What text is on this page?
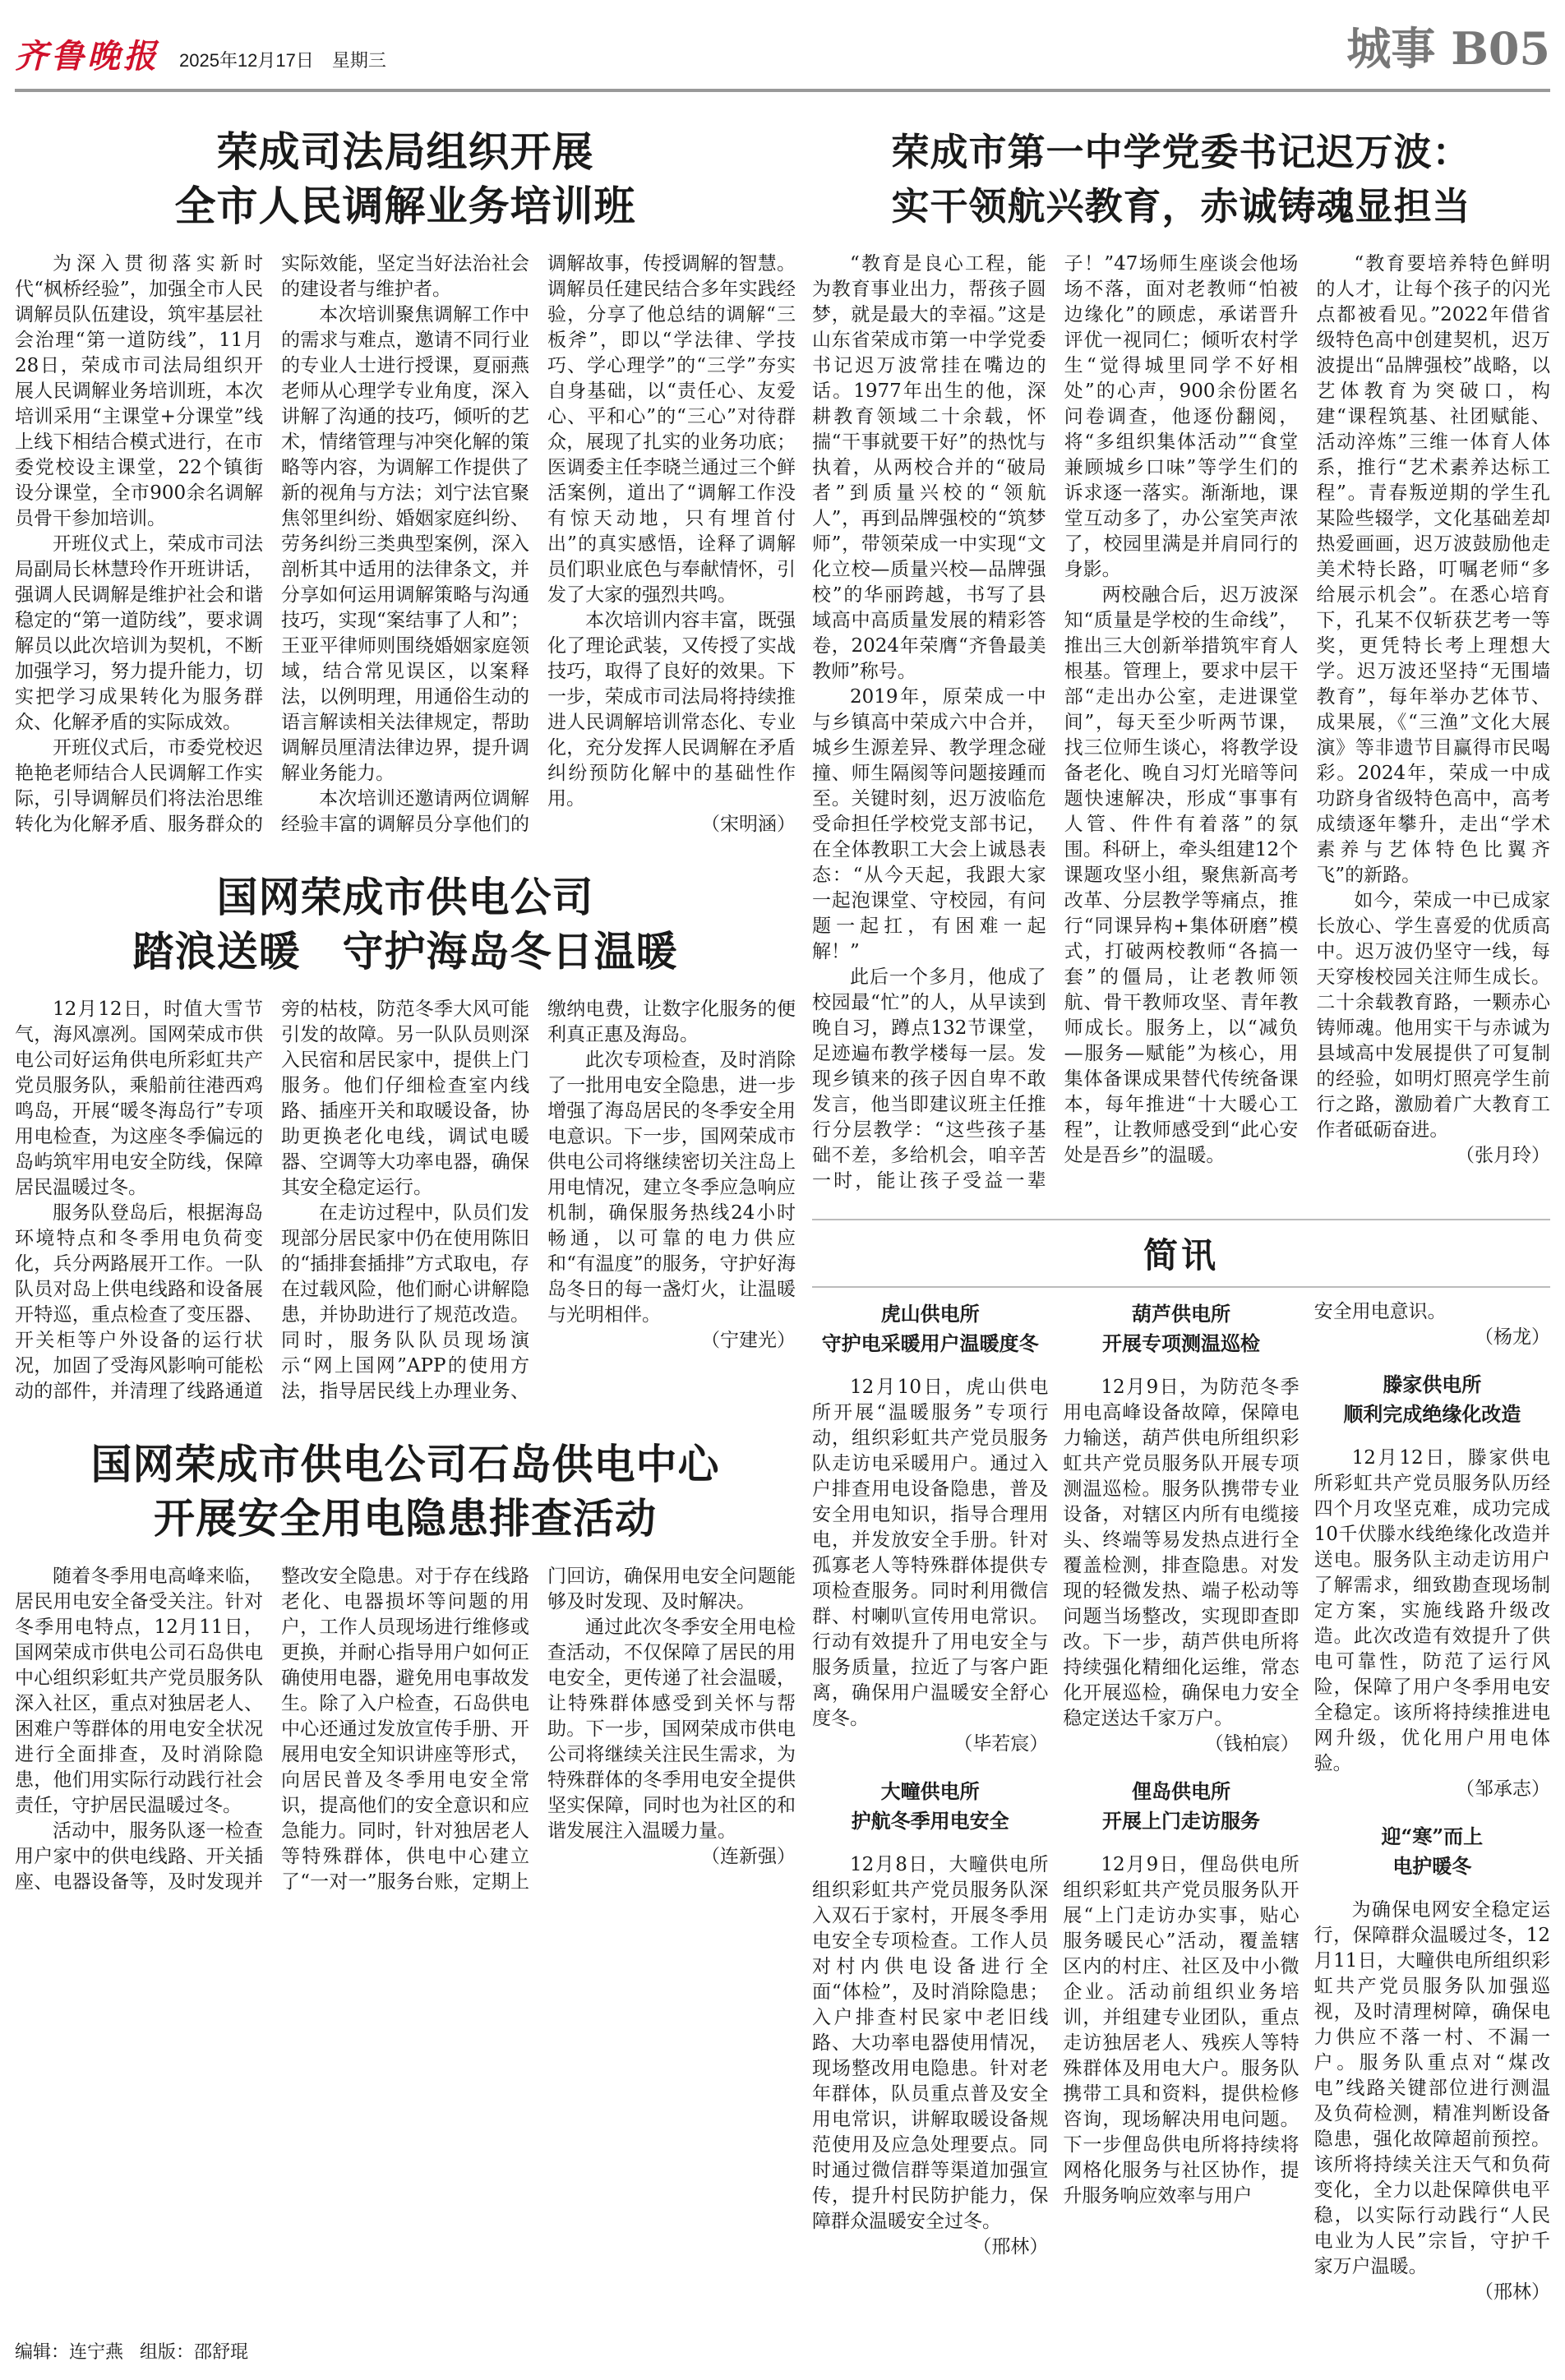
齐鲁晚报 2025年12月17日 星期三	城事 B05
荣成司法局组织开展
全市人民调解业务培训班

为深入贯彻落实新时代“枫桥经验”，加强全市人民调解员队伍建设，筑牢基层社会治理“第一道防线”，11月28日，荣成市司法局组织开展人民调解业务培训班，本次培训采用“主课堂+分课堂”线上线下相结合模式进行，在市委党校设主课堂，22个镇街设分课堂，全市900余名调解员骨干参加培训。

开班仪式上，荣成市司法局副局长林慧玲作开班讲话，强调人民调解是维护社会和谐稳定的“第一道防线”，要求调解员以此次培训为契机，不断加强学习，努力提升能力，切实把学习成果转化为服务群众、化解矛盾的实际成效。

开班仪式后，市委党校迟艳艳老师结合人民调解工作实际，引导调解员们将法治思维转化为化解矛盾、服务群众的实际效能，坚定当好法治社会的建设者与维护者。

本次培训聚焦调解工作中的需求与难点，邀请不同行业的专业人士进行授课，夏丽燕老师从心理学专业角度，深入讲解了沟通的技巧，倾听的艺术，情绪管理与冲突化解的策略等内容，为调解工作提供了新的视角与方法；刘宁法官聚焦邻里纠纷、婚姻家庭纠纷、劳务纠纷三类典型案例，深入剖析其中适用的法律条文，并分享如何运用调解策略与沟通技巧，实现“案结事了人和”；王亚平律师则围绕婚姻家庭领域，结合常见误区，以案释法，以例明理，用通俗生动的语言解读相关法律规定，帮助调解员厘清法律边界，提升调解业务能力。

本次培训还邀请两位调解经验丰富的调解员分享他们的调解故事，传授调解的智慧。调解员任建民结合多年实践经验，分享了他总结的调解“三板斧”，即以“学法律、学技巧、学心理学”的“三学”夯实自身基础，以“责任心、友爱心、平和心”的“三心”对待群众，展现了扎实的业务功底；医调委主任李晓兰通过三个鲜活案例，道出了“调解工作没有惊天动地，只有埋首付出”的真实感悟，诠释了调解员们职业底色与奉献情怀，引发了大家的强烈共鸣。

本次培训内容丰富，既强化了理论武装，又传授了实战技巧，取得了良好的效果。下一步，荣成市司法局将持续推进人民调解培训常态化、专业化，充分发挥人民调解在矛盾纠纷预防化解中的基础性作用。

（宋明涵）
国网荣成市供电公司
踏浪送暖　守护海岛冬日温暖

12月12日，时值大雪节气，海风凛冽。国网荣成市供电公司好运角供电所彩虹共产党员服务队，乘船前往港西鸡鸣岛，开展“暖冬海岛行”专项用电检查，为这座冬季偏远的岛屿筑牢用电安全防线，保障居民温暖过冬。

服务队登岛后，根据海岛环境特点和冬季用电负荷变化，兵分两路展开工作。一队队员对岛上供电线路和设备展开特巡，重点检查了变压器、开关柜等户外设备的运行状况，加固了受海风影响可能松动的部件，并清理了线路通道旁的枯枝，防范冬季大风可能引发的故障。另一队队员则深入民宿和居民家中，提供上门服务。他们仔细检查室内线路、插座开关和取暖设备，协助更换老化电线，调试电暖器、空调等大功率电器，确保其安全稳定运行。

在走访过程中，队员们发现部分居民家中仍在使用陈旧的“插排套插排”方式取电，存在过载风险，他们耐心讲解隐患，并协助进行了规范改造。同时，服务队队员现场演示“网上国网”APP的使用方法，指导居民线上办理业务、缴纳电费，让数字化服务的便利真正惠及海岛。

此次专项检查，及时消除了一批用电安全隐患，进一步增强了海岛居民的冬季安全用电意识。下一步，国网荣成市供电公司将继续密切关注岛上用电情况，建立冬季应急响应机制，确保服务热线24小时畅通，以可靠的电力供应和“有温度”的服务，守护好海岛冬日的每一盏灯火，让温暖与光明相伴。

（宁建光）
国网荣成市供电公司石岛供电中心
开展安全用电隐患排查活动

随着冬季用电高峰来临，居民用电安全备受关注。针对冬季用电特点，12月11日，国网荣成市供电公司石岛供电中心组织彩虹共产党员服务队深入社区，重点对独居老人、困难户等群体的用电安全状况进行全面排查，及时消除隐患，他们用实际行动践行社会责任，守护居民温暖过冬。

活动中，服务队逐一检查用户家中的供电线路、开关插座、电器设备等，及时发现并整改安全隐患。对于存在线路老化、电器损坏等问题的用户，工作人员现场进行维修或更换，并耐心指导用户如何正确使用电器，避免用电事故发生。除了入户检查，石岛供电中心还通过发放宣传手册、开展用电安全知识讲座等形式，向居民普及冬季用电安全常识，提高他们的安全意识和应急能力。同时，针对独居老人等特殊群体，供电中心建立了“一对一”服务台账，定期上门回访，确保用电安全问题能够及时发现、及时解决。

通过此次冬季安全用电检查活动，不仅保障了居民的用电安全，更传递了社会温暖，让特殊群体感受到关怀与帮助。下一步，国网荣成市供电公司将继续关注民生需求，为特殊群体的冬季用电安全提供坚实保障，同时也为社区的和谐发展注入温暖力量。

（连新强）
荣成市第一中学党委书记迟万波：
实干领航兴教育，赤诚铸魂显担当

“教育是良心工程，能为教育事业出力，帮孩子圆梦，就是最大的幸福。”这是山东省荣成市第一中学党委书记迟万波常挂在嘴边的话。1977年出生的他，深耕教育领域二十余载，怀揣“干事就要干好”的热忱与执着，从两校合并的“破局者”到质量兴校的“领航人”，再到品牌强校的“筑梦师”，带领荣成一中实现“文化立校—质量兴校—品牌强校”的华丽跨越，书写了县域高中高质量发展的精彩答卷，2024年荣膺“齐鲁最美教师”称号。

2019年，原荣成一中与乡镇高中荣成六中合并，城乡生源差异、教学理念碰撞、师生隔阂等问题接踵而至。关键时刻，迟万波临危受命担任学校党支部书记，在全体教职工大会上诚恳表态：“从今天起，我跟大家一起泡课堂、守校园，有问题一起扛，有困难一起解！”

此后一个多月，他成了校园最“忙”的人，从早读到晚自习，蹲点132节课堂，足迹遍布教学楼每一层。发现乡镇来的孩子因自卑不敢发言，他当即建议班主任推行分层教学：“这些孩子基础不差，多给机会，咱辛苦一时，能让孩子受益一辈子！”47场师生座谈会他场场不落，面对老教师“怕被边缘化”的顾虑，承诺晋升评优一视同仁；倾听农村学生“觉得城里同学不好相处”的心声，900余份匿名问卷调查，他逐份翻阅，将“多组织集体活动”“食堂兼顾城乡口味”等学生们的诉求逐一落实。渐渐地，课堂互动多了，办公室笑声浓了，校园里满是并肩同行的身影。

两校融合后，迟万波深知“质量是学校的生命线”，推出三大创新举措筑牢育人根基。管理上，要求中层干部“走出办公室，走进课堂间”，每天至少听两节课，找三位师生谈心，将教学设备老化、晚自习灯光暗等问题快速解决，形成“事事有人管、件件有着落”的氛围。科研上，牵头组建12个课题攻坚小组，聚焦新高考改革、分层教学等痛点，推行“同课异构+集体研磨”模式，打破两校教师“各搞一套”的僵局，让老教师领航、骨干教师攻坚、青年教师成长。服务上，以“减负—服务—赋能”为核心，用集体备课成果替代传统备课本，每年推进“十大暖心工程”，让教师感受到“此心安处是吾乡”的温暖。

“教育要培养特色鲜明的人才，让每个孩子的闪光点都被看见。”2022年借省级特色高中创建契机，迟万波提出“品牌强校”战略，以艺体教育为突破口，构建“课程筑基、社团赋能、活动淬炼”三维一体育人体系，推行“艺术素养达标工程”。青春叛逆期的学生孔某险些辍学，文化基础差却热爱画画，迟万波鼓励他走美术特长路，叮嘱老师“多给展示机会”。在悉心培育下，孔某不仅斩获艺考一等奖，更凭特长考上理想大学。迟万波还坚持“无围墙教育”，每年举办艺体节、成果展，《“三渔”文化大展演》等非遗节目赢得市民喝彩。2024年，荣成一中成功跻身省级特色高中，高考成绩逐年攀升，走出“学术素养与艺体特色比翼齐飞”的新路。

如今，荣成一中已成家长放心、学生喜爱的优质高中。迟万波仍坚守一线，每天穿梭校园关注师生成长。二十余载教育路，一颗赤心铸师魂。他用实干与赤诚为县域高中发展提供了可复制的经验，如明灯照亮学生前行之路，激励着广大教育工作者砥砺奋进。

（张月玲）
简讯
虎山供电所
守护电采暖用户温暖度冬

12月10日，虎山供电所开展“温暖服务”专项行动，组织彩虹共产党员服务队走访电采暖用户。通过入户排查用电设备隐患，普及安全用电知识，指导合理用电，并发放安全手册。针对孤寡老人等特殊群体提供专项检查服务。同时利用微信群、村喇叭宣传用电常识。行动有效提升了用电安全与服务质量，拉近了与客户距离，确保用户温暖安全舒心度冬。

（毕若宸）
大疃供电所
护航冬季用电安全

12月8日，大疃供电所组织彩虹共产党员服务队深入双石于家村，开展冬季用电安全专项检查。工作人员对村内供电设备进行全面“体检”，及时消除隐患；入户排查村民家中老旧线路、大功率电器使用情况，现场整改用电隐患。针对老年群体，队员重点普及安全用电常识，讲解取暖设备规范使用及应急处理要点。同时通过微信群等渠道加强宣传，提升村民防护能力，保障群众温暖安全过冬。

（邢林）
葫芦供电所
开展专项测温巡检

12月9日，为防范冬季用电高峰设备故障，保障电力输送，葫芦供电所组织彩虹共产党员服务队开展专项测温巡检。服务队携带专业设备，对辖区内所有电缆接头、终端等易发热点进行全覆盖检测，排查隐患。对发现的轻微发热、端子松动等问题当场整改，实现即查即改。下一步，葫芦供电所将持续强化精细化运维，常态化开展巡检，确保电力安全稳定送达千家万户。

（钱柏宸）
俚岛供电所
开展上门走访服务

12月9日，俚岛供电所组织彩虹共产党员服务队开展“上门走访办实事，贴心服务暖民心”活动，覆盖辖区内的村庄、社区及中小微企业。活动前组织业务培训，并组建专业团队，重点走访独居老人、残疾人等特殊群体及用电大户。服务队携带工具和资料，提供检修咨询，现场解决用电问题。下一步俚岛供电所将持续将网格化服务与社区协作，提升服务响应效率与用户

安全用电意识。

（杨龙）
滕家供电所
顺利完成绝缘化改造

12月12日，滕家供电所彩虹共产党员服务队历经四个月攻坚克难，成功完成10千伏滕水线绝缘化改造并送电。服务队主动走访用户了解需求，细致勘查现场制定方案，实施线路升级改造。此次改造有效提升了供电可靠性，防范了运行风险，保障了用户冬季用电安全稳定。该所将持续推进电网升级，优化用户用电体验。

（邹承志）
迎“寒”而上
电护暖冬

为确保电网安全稳定运行，保障群众温暖过冬，12月11日，大疃供电所组织彩虹共产党员服务队加强巡视，及时清理树障，确保电力供应不落一村、不漏一户。服务队重点对“煤改电”线路关键部位进行测温及负荷检测，精准判断设备隐患，强化故障超前预控。该所将持续关注天气和负荷变化，全力以赴保障供电平稳，以实际行动践行“人民电业为人民”宗旨，守护千家万户温暖。

（邢林）
编辑：连宁燕 组版：邵舒琨
